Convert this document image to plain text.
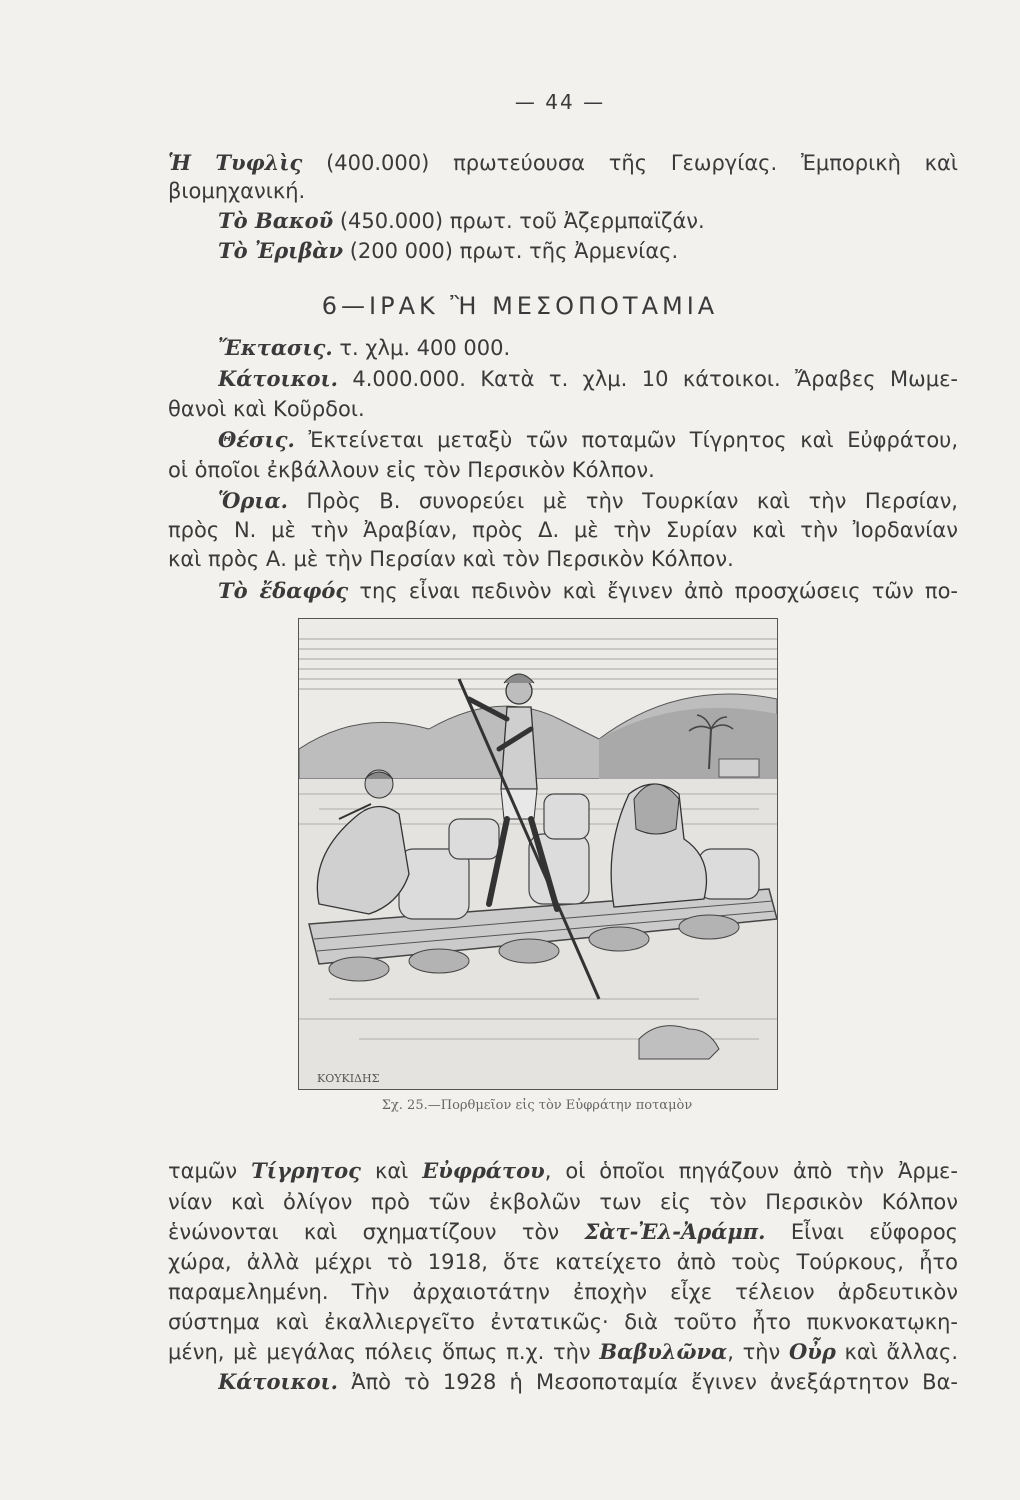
— 44 —
Ἡ Τυφλὶς (400.000) πρωτεύουσα τῆς Γεωργίας. Ἐμπορικὴ καὶ
βιομηχανική.
Τὸ Βακοῦ (450.000) πρωτ. τοῦ Ἀζερμπαϊζάν.
Τὸ Ἐριβὰν (200 000) πρωτ. τῆς Ἀρμενίας.
6—ΙΡΑΚ Ἢ ΜΕΣΟΠΟΤΑΜΙΑ
Ἔκτασις. τ. χλμ. 400 000.
Κάτοικοι. 4.000.000. Κατὰ τ. χλμ. 10 κάτοικοι. Ἄραβες Μωμε-
θανοὶ καὶ Κοῦρδοι.
Θέσις. Ἐκτείνεται μεταξὺ τῶν ποταμῶν Τίγρητος καὶ Εὐφράτου,
οἱ ὁποῖοι ἐκβάλλουν εἰς τὸν Περσικὸν Κόλπον.
Ὅρια. Πρὸς Β. συνορεύει μὲ τὴν Τουρκίαν καὶ τὴν Περσίαν,
πρὸς Ν. μὲ τὴν Ἀραβίαν, πρὸς Δ. μὲ τὴν Συρίαν καὶ τὴν Ἰορδανίαν
καὶ πρὸς Α. μὲ τὴν Περσίαν καὶ τὸν Περσικὸν Κόλπον.
Τὸ ἔδαφός της εἶναι πεδινὸν καὶ ἔγινεν ἀπὸ προσχώσεις τῶν πο-
ΚΟΥΚΙΔΗΣ
Σχ. 25.—Πορθμεῖον εἰς τὸν Εὐφράτην ποταμὸν
ταμῶν Τίγρητος καὶ Εὐφράτου, οἱ ὁποῖοι πηγάζουν ἀπὸ τὴν Ἀρμε-
νίαν καὶ ὀλίγον πρὸ τῶν ἐκβολῶν των εἰς τὸν Περσικὸν Κόλπον
ἑνώνονται καὶ σχηματίζουν τὸν Σὰτ-Ἐλ-Ἀράμπ. Εἶναι εὔφορος
χώρα, ἀλλὰ μέχρι τὸ 1918, ὅτε κατείχετο ἀπὸ τοὺς Τούρκους, ἦτο
παραμελημένη. Τὴν ἀρχαιοτάτην ἐποχὴν εἶχε τέλειον ἀρδευτικὸν
σύστημα καὶ ἐκαλλιεργεῖτο ἐντατικῶς· διὰ τοῦτο ἦτο πυκνοκατῳκη-
μένη, μὲ μεγάλας πόλεις ὅπως π.χ. τὴν Βαβυλῶνα, τὴν Οὖρ καὶ ἄλλας.
Κάτοικοι. Ἀπὸ τὸ 1928 ἡ Μεσοποταμία ἔγινεν ἀνεξάρτητον Βα-
